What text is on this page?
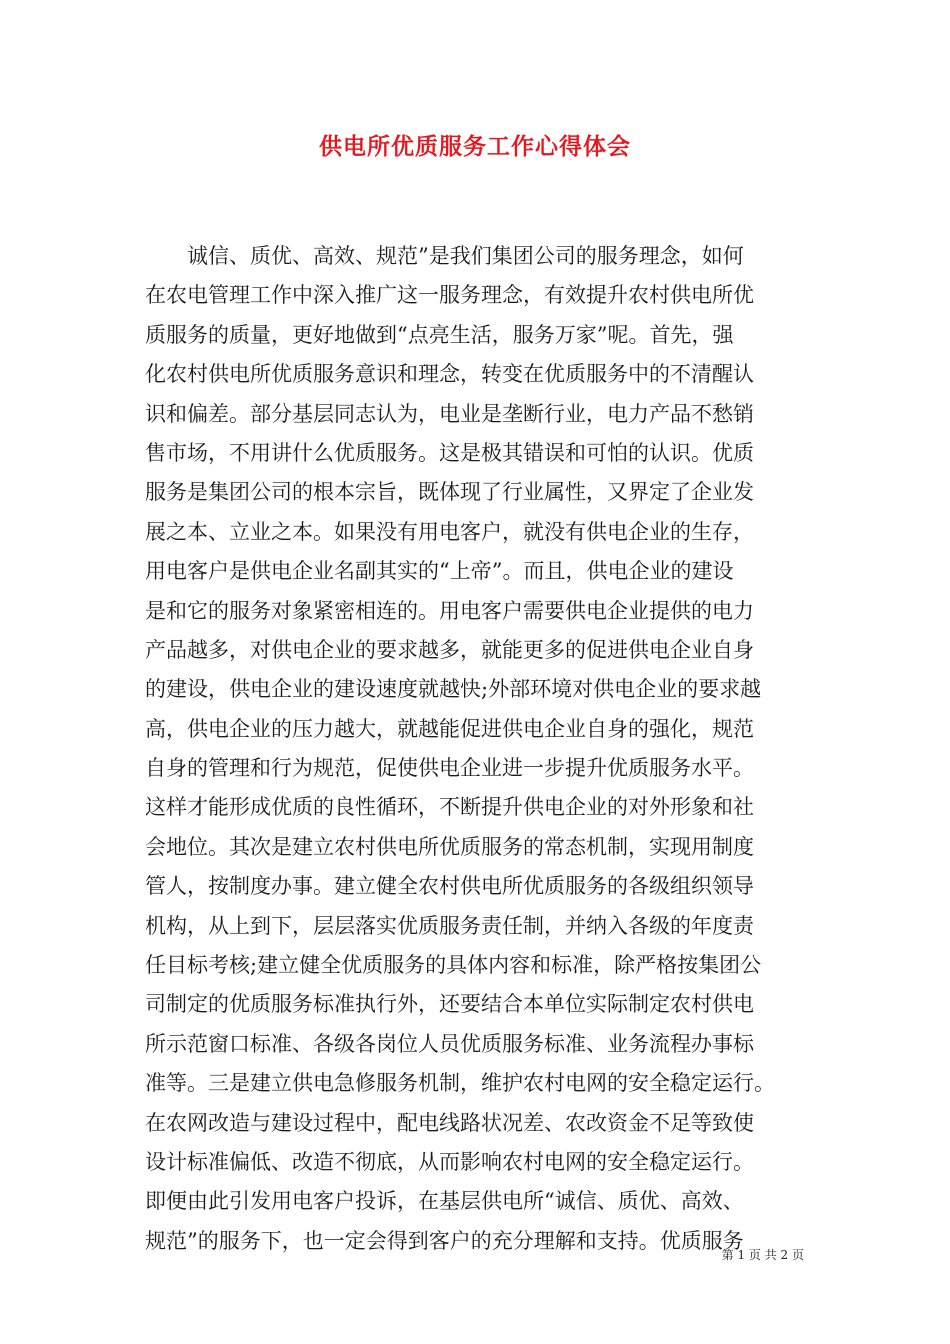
供电所优质服务工作心得体会
诚信、质优、高效、规范”是我们集团公司的服务理念，如何
在农电管理工作中深入推广这一服务理念，有效提升农村供电所优
质服务的质量，更好地做到“点亮生活，服务万家”呢。首先，强
化农村供电所优质服务意识和理念，转变在优质服务中的不清醒认
识和偏差。部分基层同志认为，电业是垄断行业，电力产品不愁销
售市场，不用讲什么优质服务。这是极其错误和可怕的认识。优质
服务是集团公司的根本宗旨，既体现了行业属性，又界定了企业发
展之本、立业之本。如果没有用电客户，就没有供电企业的生存，
用电客户是供电企业名副其实的“上帝”。而且，供电企业的建设
是和它的服务对象紧密相连的。用电客户需要供电企业提供的电力
产品越多，对供电企业的要求越多，就能更多的促进供电企业自身
的建设，供电企业的建设速度就越快;外部环境对供电企业的要求越
高，供电企业的压力越大，就越能促进供电企业自身的强化，规范
自身的管理和行为规范，促使供电企业进一步提升优质服务水平。
这样才能形成优质的良性循环，不断提升供电企业的对外形象和社
会地位。其次是建立农村供电所优质服务的常态机制，实现用制度
管人，按制度办事。建立健全农村供电所优质服务的各级组织领导
机构，从上到下，层层落实优质服务责任制，并纳入各级的年度责
任目标考核;建立健全优质服务的具体内容和标准，除严格按集团公
司制定的优质服务标准执行外，还要结合本单位实际制定农村供电
所示范窗口标准、各级各岗位人员优质服务标准、业务流程办事标
准等。三是建立供电急修服务机制，维护农村电网的安全稳定运行。
在农网改造与建设过程中，配电线路状况差、农改资金不足等致使
设计标准偏低、改造不彻底，从而影响农村电网的安全稳定运行。
即便由此引发用电客户投诉，在基层供电所“诚信、质优、高效、
规范”的服务下，也一定会得到客户的充分理解和支持。优质服务
第 1 页 共 2 页
